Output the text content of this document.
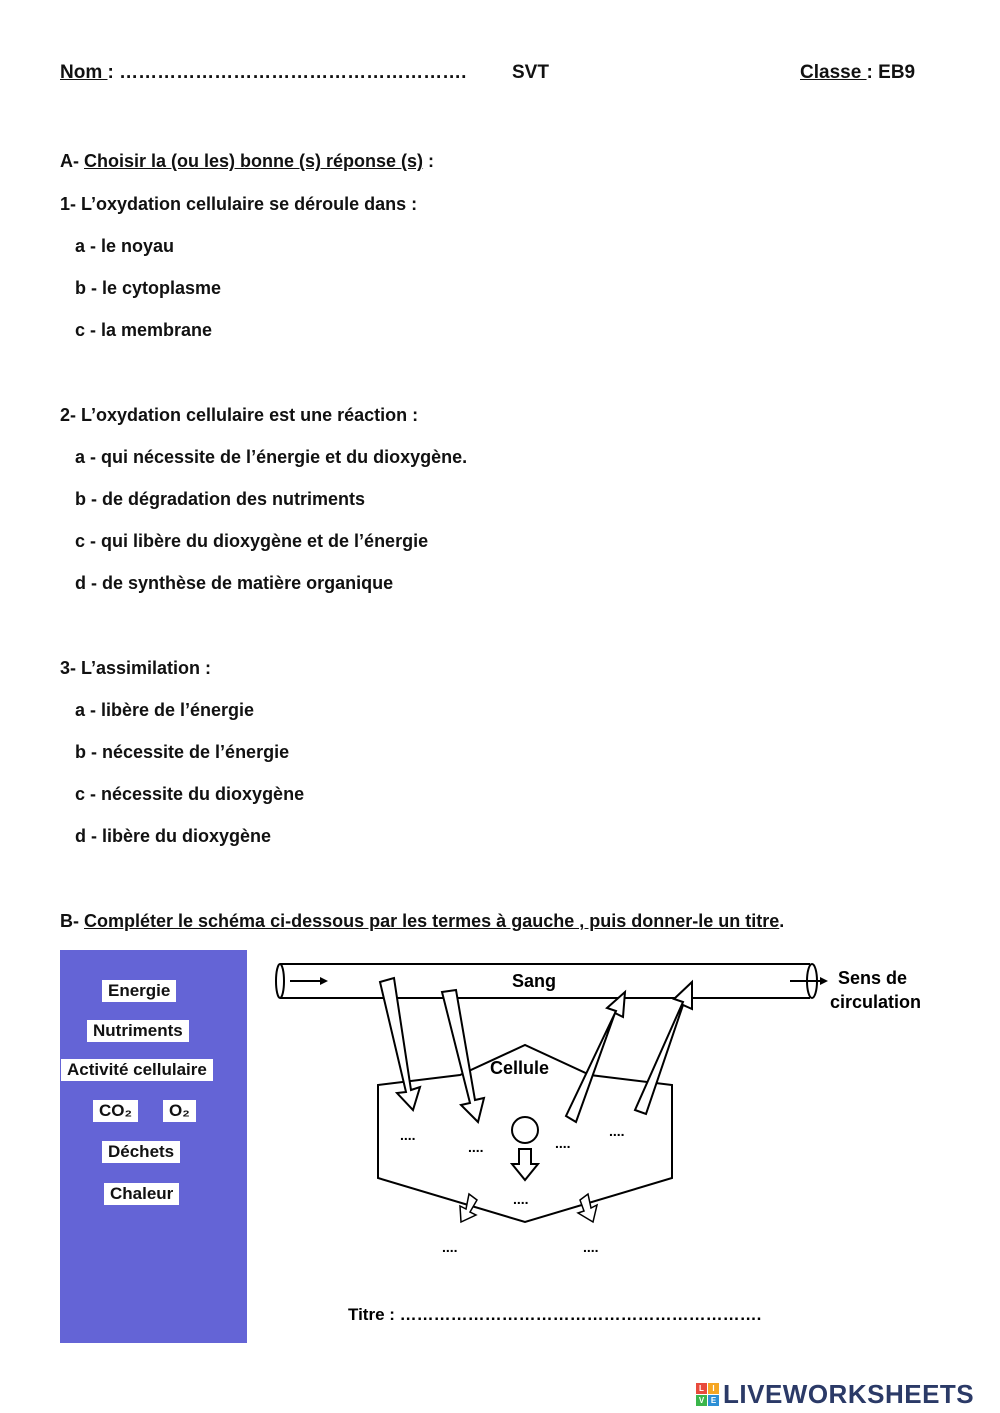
Nom : ………………………………………………. SVT	Classe : EB9
A- Choisir la (ou les) bonne (s) réponse (s) :
1- L’oxydation cellulaire se déroule dans :
a - le noyau
b - le cytoplasme
c - la membrane
2- L’oxydation cellulaire est une réaction :
a - qui nécessite de l’énergie et du dioxygène.
b - de dégradation des nutriments
c - qui libère du dioxygène et de l’énergie
d - de synthèse de matière organique
3- L’assimilation :
a - libère de l’énergie
b - nécessite de l’énergie
c - nécessite du dioxygène
d - libère du dioxygène
B- Compléter le schéma ci-dessous par les termes à gauche , puis donner-le un titre.
Energie
Nutriments
Activité cellulaire
CO₂	O₂
Déchets
Chaleur
Sang	Sens de
circulation
Cellule
....
....	....
....
....
....	....
Titre : ……………………………………………………….
L	I
V E LIVEWORKSHEETS
